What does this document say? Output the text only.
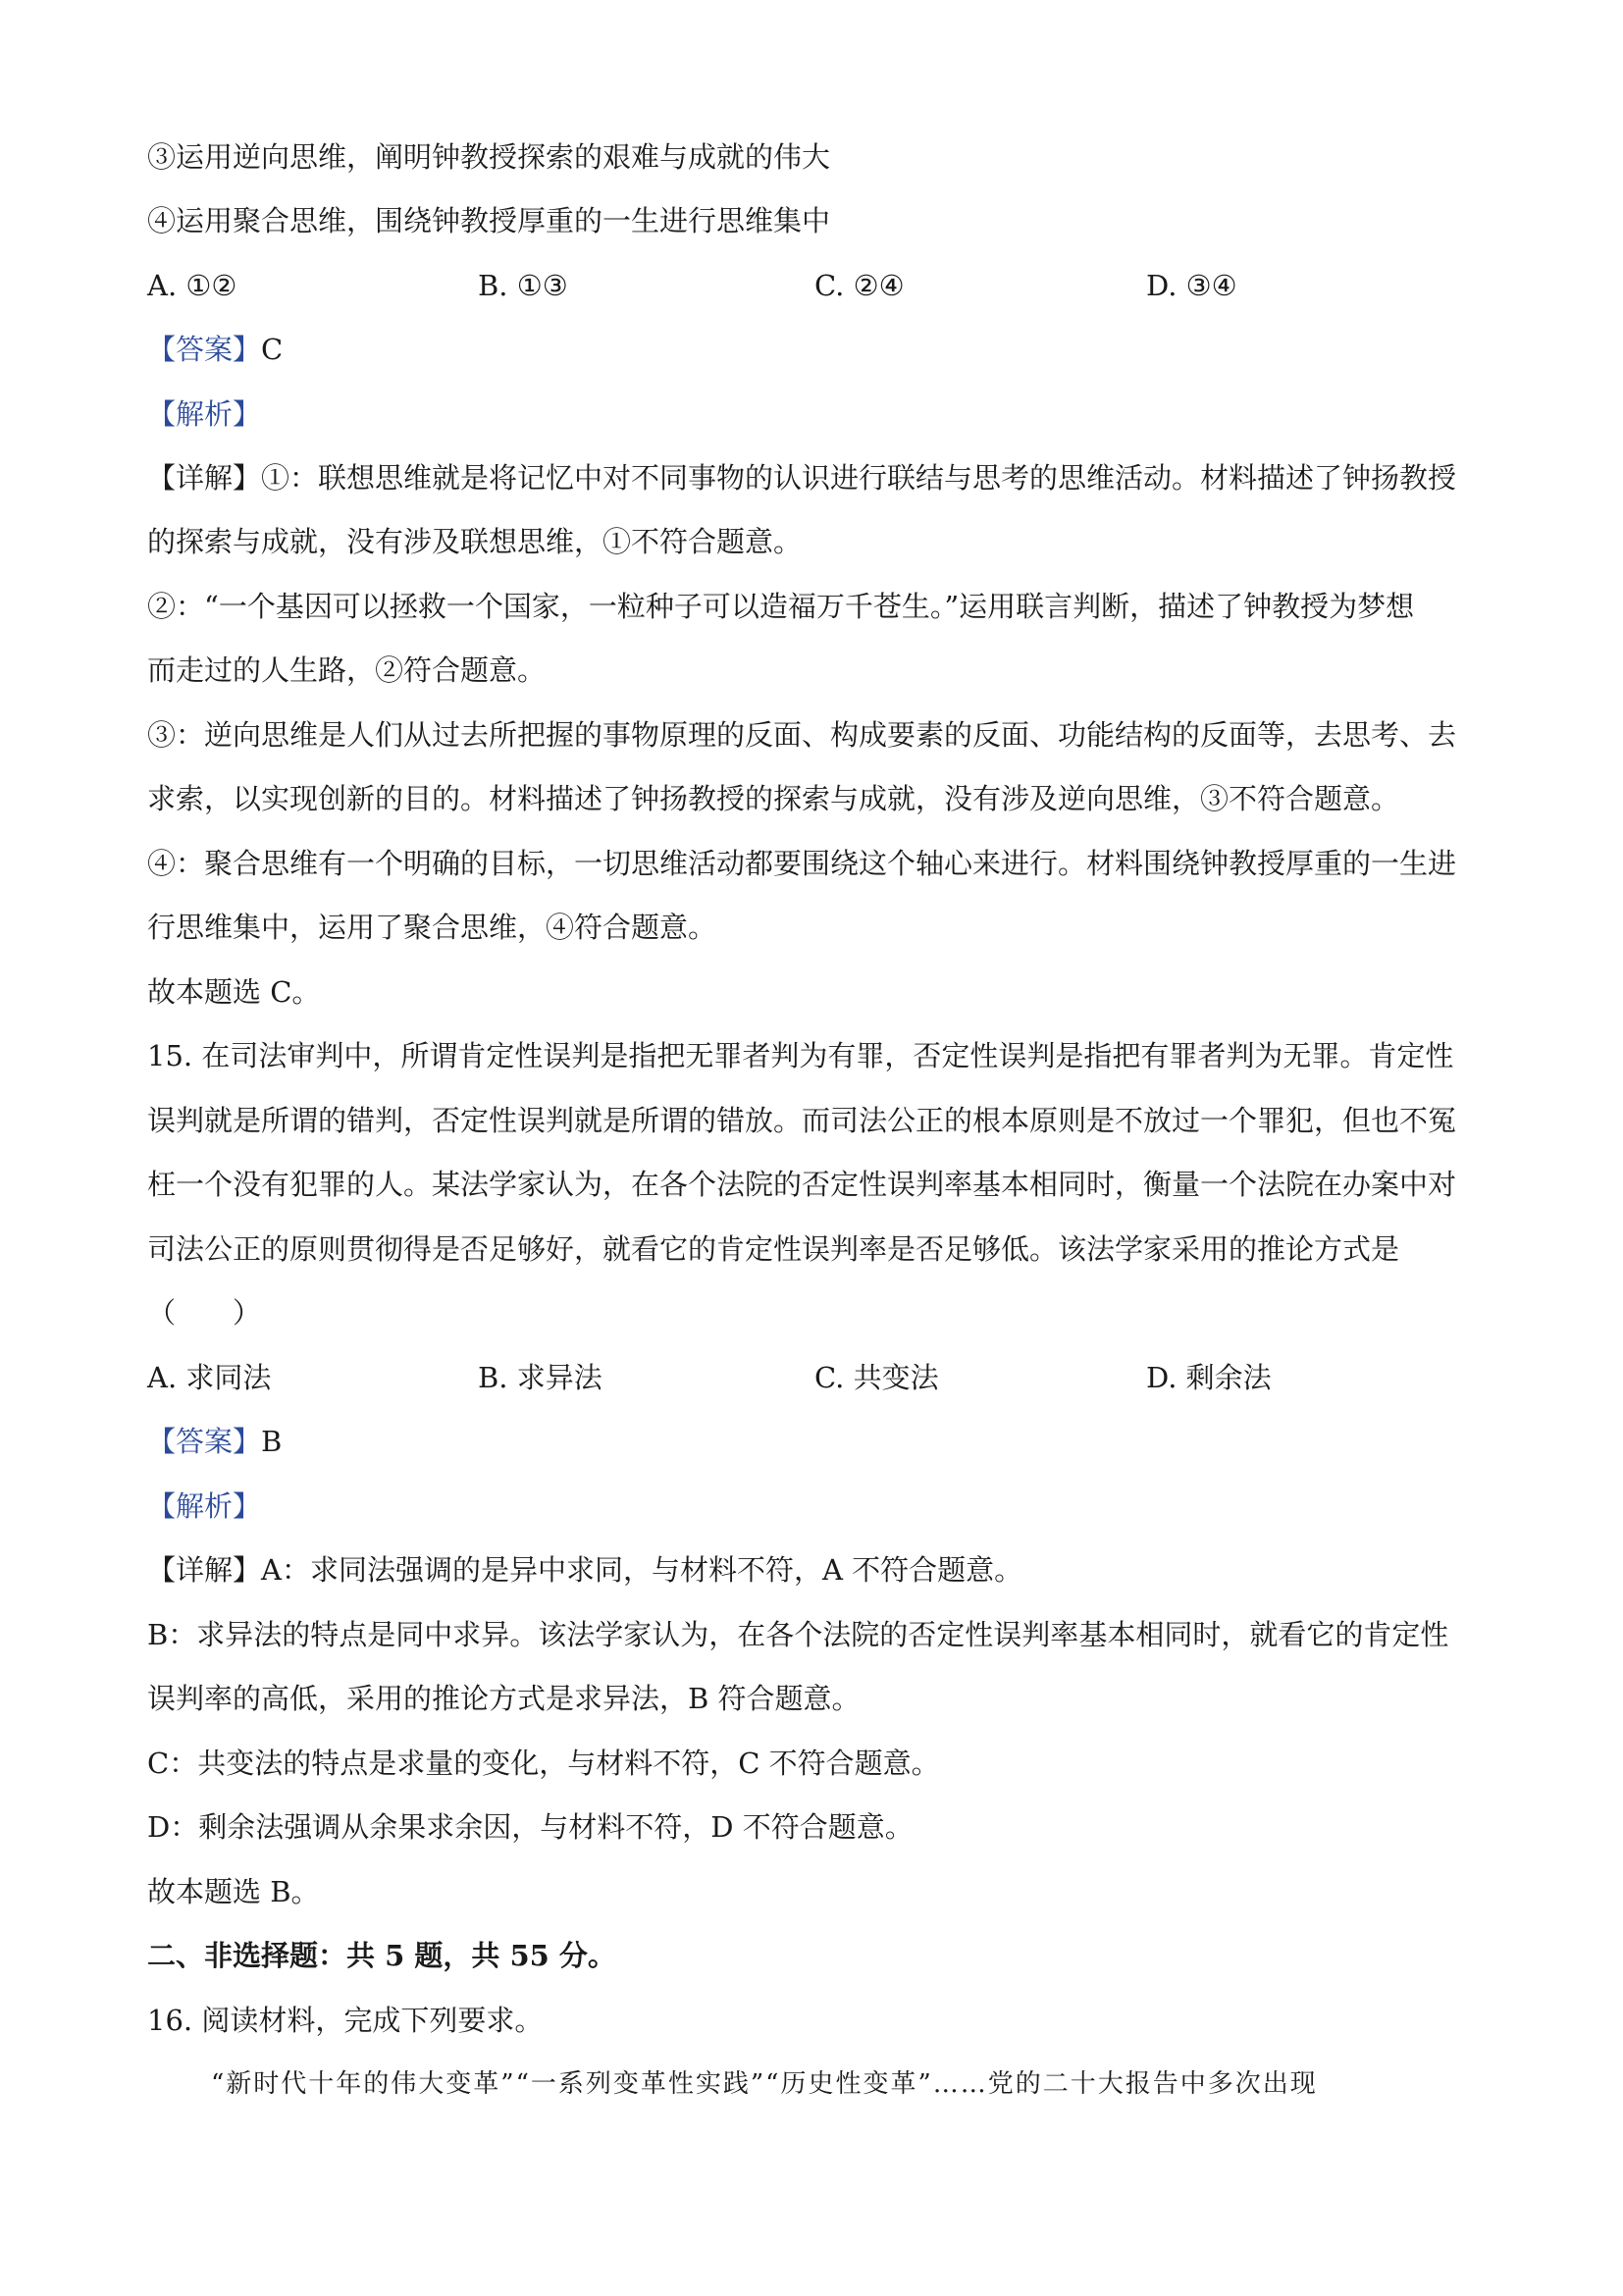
③运用逆向思维，阐明钟教授探索的艰难与成就的伟大
④运用聚合思维，围绕钟教授厚重的一生进行思维集中
A. ①②	B. ①③	C. ②④	D. ③④
【答案】C
【解析】
【详解】①：联想思维就是将记忆中对不同事物的认识进行联结与思考的思维活动。材料描述了钟扬教授
的探索与成就，没有涉及联想思维，①不符合题意。
②：“一个基因可以拯救一个国家，一粒种子可以造福万千苍生。”运用联言判断，描述了钟教授为梦想
而走过的人生路，②符合题意。
③：逆向思维是人们从过去所把握的事物原理的反面、构成要素的反面、功能结构的反面等，去思考、去
求索，以实现创新的目的。材料描述了钟扬教授的探索与成就，没有涉及逆向思维，③不符合题意。
④：聚合思维有一个明确的目标，一切思维活动都要围绕这个轴心来进行。材料围绕钟教授厚重的一生进
行思维集中，运用了聚合思维，④符合题意。
故本题选 C。
15. 在司法审判中，所谓肯定性误判是指把无罪者判为有罪，否定性误判是指把有罪者判为无罪。肯定性
误判就是所谓的错判，否定性误判就是所谓的错放。而司法公正的根本原则是不放过一个罪犯，但也不冤
枉一个没有犯罪的人。某法学家认为，在各个法院的否定性误判率基本相同时，衡量一个法院在办案中对
司法公正的原则贯彻得是否足够好，就看它的肯定性误判率是否足够低。该法学家采用的推论方式是
（　　）
A. 求同法	B. 求异法	C. 共变法	D. 剩余法
【答案】B
【解析】
【详解】A：求同法强调的是异中求同，与材料不符，A 不符合题意。
B：求异法的特点是同中求异。该法学家认为，在各个法院的否定性误判率基本相同时，就看它的肯定性
误判率的高低，采用的推论方式是求异法，B 符合题意。
C：共变法的特点是求量的变化，与材料不符，C 不符合题意。
D：剩余法强调从余果求余因，与材料不符，D 不符合题意。
故本题选 B。
二、非选择题：共 5 题，共 55 分。
16. 阅读材料，完成下列要求。
“新时代十年的伟大变革”“一系列变革性实践”“历史性变革”……党的二十大报告中多次出现
